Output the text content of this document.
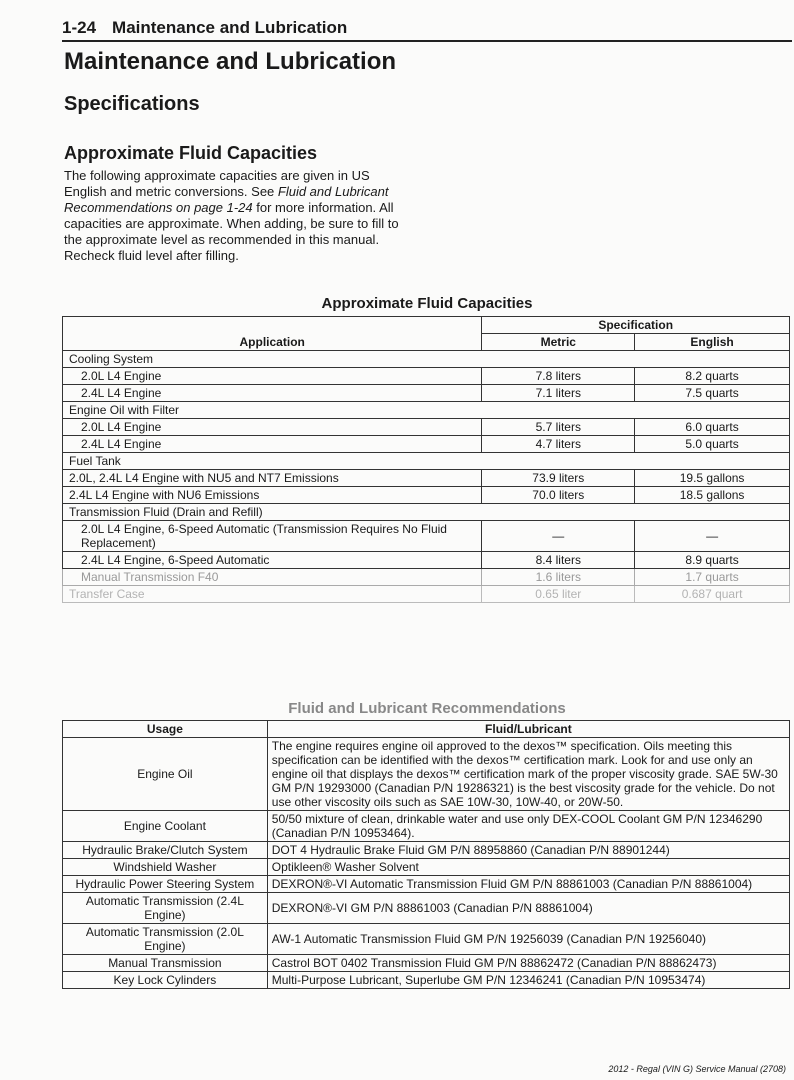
1-24 Maintenance and Lubrication
Maintenance and Lubrication
Specifications
Approximate Fluid Capacities

The following approximate capacities are given in US English and metric conversions. See Fluid and Lubricant Recommendations on page 1-24 for more information. All capacities are approximate. When adding, be sure to fill to the approximate level as recommended in this manual. Recheck fluid level after filling.

Approximate Fluid Capacities
Application	Specification	
	Metric	English
Cooling System		
2.0L L4 Engine	7.8 liters	8.2 quarts
2.4L L4 Engine	7.1 liters	7.5 quarts
Engine Oil with Filter		
2.0L L4 Engine	5.7 liters	6.0 quarts
2.4L L4 Engine	4.7 liters	5.0 quarts
Fuel Tank		
2.0L, 2.4L L4 Engine with NU5 and NT7 Emissions	73.9 liters	19.5 gallons
2.4L L4 Engine with NU6 Emissions	70.0 liters	18.5 gallons
Transmission Fluid (Drain and Refill)		
2.0L L4 Engine, 6-Speed Automatic (Transmission Requires No Fluid Replacement)	—	—
2.4L L4 Engine, 6-Speed Automatic	8.4 liters	8.9 quarts
Manual Transmission F40	1.6 liters	1.7 quarts
Transfer Case	0.65 liter	0.687 quart
Fluid and Lubricant Recommendations
Usage	Fluid/Lubricant
Engine Oil	The engine requires engine oil approved to the dexos™ specification. Oils meeting this specification can be identified with the dexos™ certification mark. Look for and use only an engine oil that displays the dexos™ certification mark of the proper viscosity grade. SAE 5W-30 GM P/N 19293000 (Canadian P/N 19286321) is the best viscosity grade for the vehicle. Do not use other viscosity oils such as SAE 10W-30, 10W-40, or 20W-50.
Engine Coolant	50/50 mixture of clean, drinkable water and use only DEX-COOL Coolant GM P/N 12346290 (Canadian P/N 10953464).
Hydraulic Brake/Clutch System	DOT 4 Hydraulic Brake Fluid GM P/N 88958860 (Canadian P/N 88901244)
Windshield Washer	Optikleen® Washer Solvent
Hydraulic Power Steering System	DEXRON®-VI Automatic Transmission Fluid GM P/N 88861003 (Canadian P/N 88861004)
Automatic Transmission (2.4L Engine)	DEXRON®-VI GM P/N 88861003 (Canadian P/N 88861004)
Automatic Transmission (2.0L Engine)	AW-1 Automatic Transmission Fluid GM P/N 19256039 (Canadian P/N 19256040)
Manual Transmission	Castrol BOT 0402 Transmission Fluid GM P/N 88862472 (Canadian P/N 88862473)
Key Lock Cylinders	Multi-Purpose Lubricant, Superlube GM P/N 12346241 (Canadian P/N 10953474)
2012 - Regal (VIN G) Service Manual (2708)
